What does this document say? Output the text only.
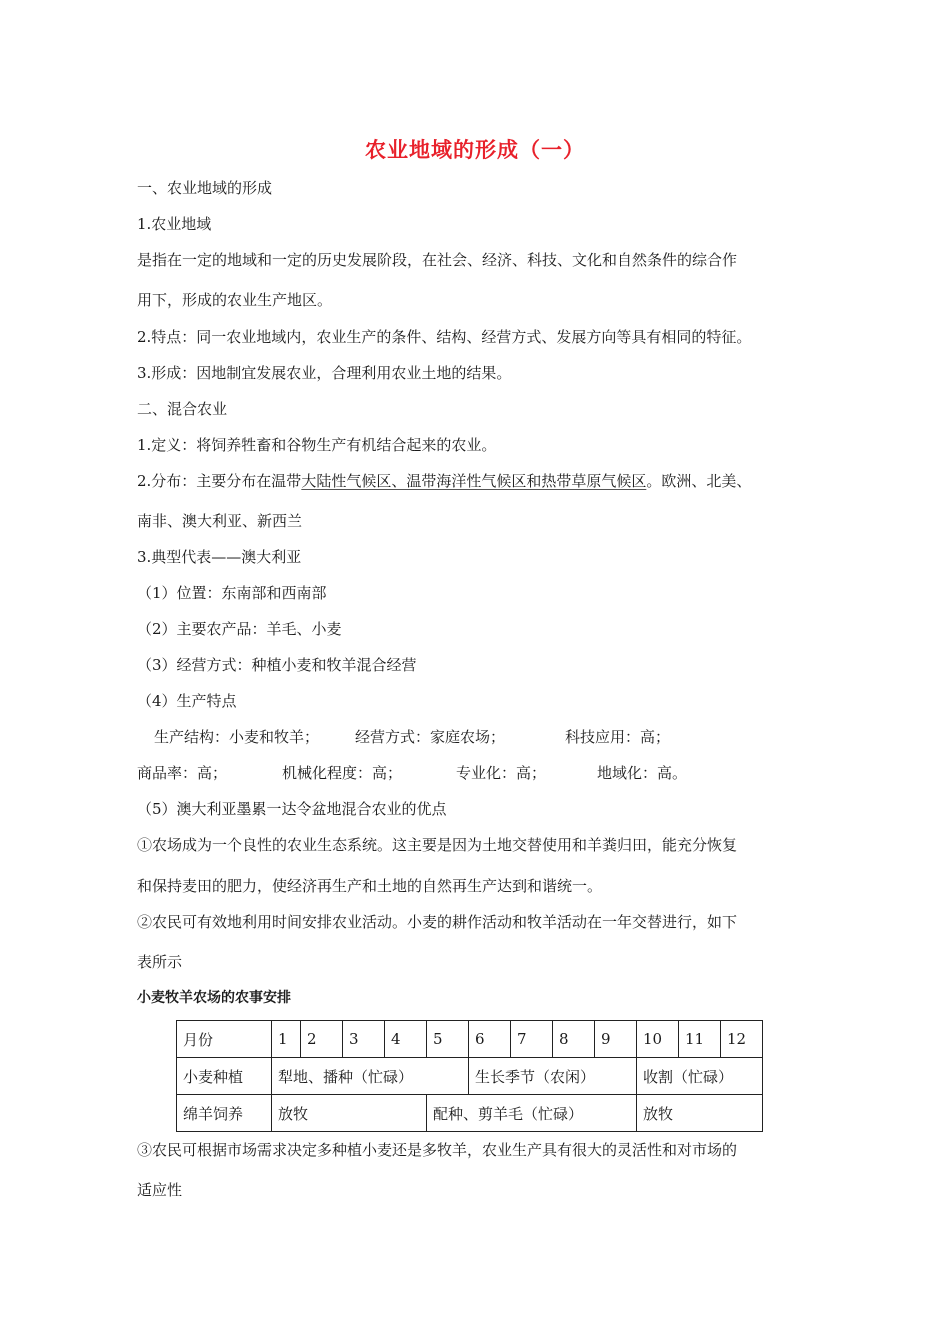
农业地域的形成（一）
一、农业地域的形成
1.农业地域
是指在一定的地域和一定的历史发展阶段，在社会、经济、科技、文化和自然条件的综合作
用下，形成的农业生产地区。
2.特点：同一农业地域内，农业生产的条件、结构、经营方式、发展方向等具有相同的特征。
3.形成：因地制宜发展农业，合理利用农业土地的结果。
二、混合农业
1.定义：将饲养牲畜和谷物生产有机结合起来的农业。
2.分布：主要分布在温带大陆性气候区、温带海洋性气候区和热带草原气候区。欧洲、北美、
南非、澳大利亚、新西兰
3.典型代表——澳大利亚
（1）位置：东南部和西南部
（2）主要农产品：羊毛、小麦
（3）经营方式：种植小麦和牧羊混合经营
（4）生产特点
生产结构：小麦和牧羊； 经营方式：家庭农场；	科技应用：高；
商品率：高；	机械化程度：高；	专业化：高；	地域化：高。
（5）澳大利亚墨累一达令盆地混合农业的优点
①农场成为一个良性的农业生态系统。这主要是因为土地交替使用和羊粪归田，能充分恢复
和保持麦田的肥力，使经济再生产和土地的自然再生产达到和谐统一。
②农民可有效地利用时间安排农业活动。小麦的耕作活动和牧羊活动在一年交替进行，如下
表所示
小麦牧羊农场的农事安排
月份	1	2	3	4	5	6	7	8	9	10	11	12
小麦种植	犁地、播种（忙碌）					生长季节（农闲）				收割（忙碌）		
绵羊饲养	放牧				配种、剪羊毛（忙碌）					放牧		
③农民可根据市场需求决定多种植小麦还是多牧羊，农业生产具有很大的灵活性和对市场的
适应性
